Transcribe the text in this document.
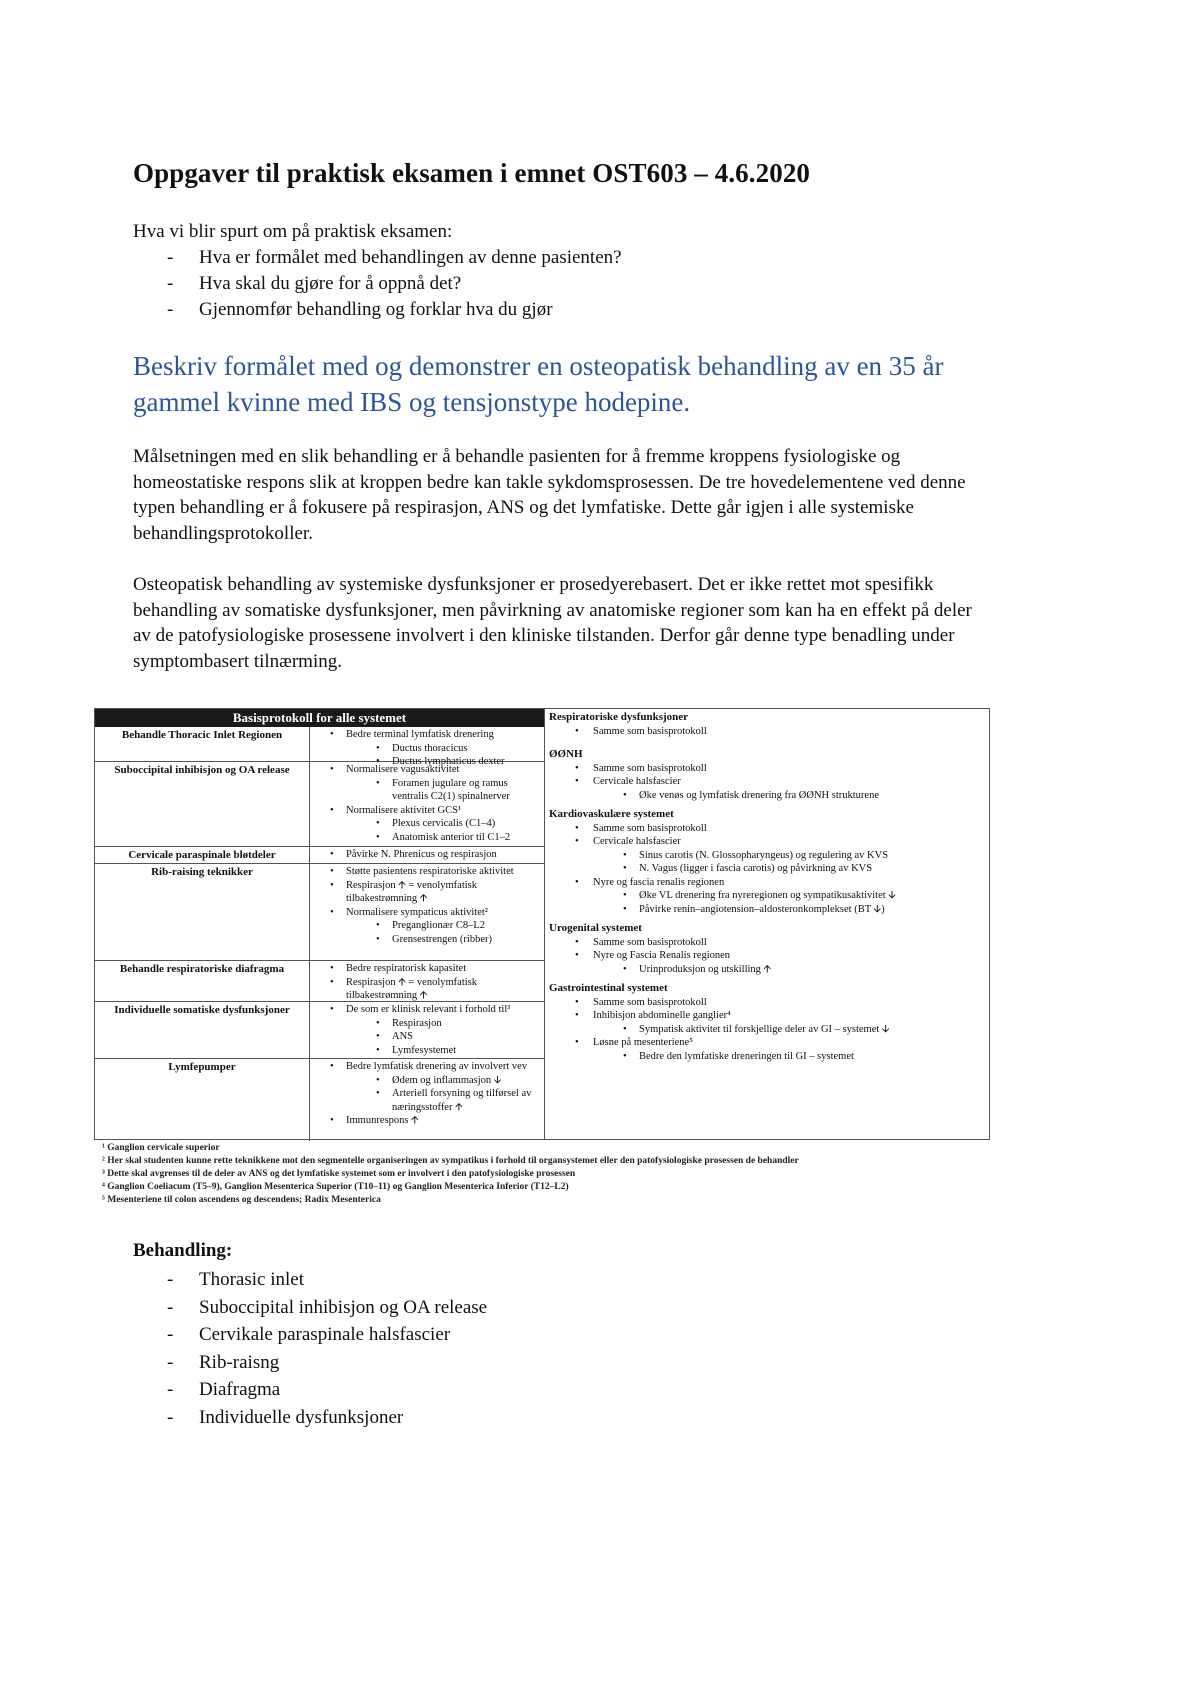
Oppgaver til praktisk eksamen i emnet OST603 – 4.6.2020
Hva vi blir spurt om på praktisk eksamen:
- Hva er formålet med behandlingen av denne pasienten?
- Hva skal du gjøre for å oppnå det?
- Gjennomfør behandling og forklar hva du gjør
Beskriv formålet med og demonstrer en osteopatisk behandling av en 35 år gammel kvinne med IBS og tensjonstype hodepine.
Målsetningen med en slik behandling er å behandle pasienten for å fremme kroppens fysiologiske og homeostatiske respons slik at kroppen bedre kan takle sykdomsprosessen. De tre hovedelementene ved denne typen behandling er å fokusere på respirasjon, ANS og det lymfatiske. Dette går igjen i alle systemiske behandlingsprotokoller.
Osteopatisk behandling av systemiske dysfunksjoner er prosedyerebasert. Det er ikke rettet mot spesifikk behandling av somatiske dysfunksjoner, men påvirkning av anatomiske regioner som kan ha en effekt på deler av de patofysiologiske prosessene involvert i den kliniske tilstanden. Derfor går denne type benadling under symptombasert tilnærming.
Basisprotokoll for alle systemet
Behandle Thoracic Inlet Regionen	• Bedre terminal lymfatisk drenering
• Ductus thoracicus
• Ductus lymphaticus dexter
Suboccipital inhibisjon og OA release	• Normalisere vagusaktivitet
• Foramen jugulare og ramus ventralis C2(1) spinalnerver
• Normalisere aktivitet GCS¹
• Plexus cervicalis (C1–4)
• Anatomisk anterior til C1–2
Cervicale paraspinale bløtdeler	• Påvirke N. Phrenicus og respirasjon
Rib-raising teknikker	• Støtte pasientens respiratoriske aktivitet
• Respirasjon 🡩 = venolymfatisk tilbakestrømning 🡩
• Normalisere sympaticus aktivitet²
• Preganglionær C8–L2
• Grensestrengen (ribber)
Behandle respiratoriske diafragma	• Bedre respiratorisk kapasitet
• Respirasjon 🡩 = venolymfatisk tilbakestrømning 🡩
Individuelle somatiske dysfunksjoner	• De som er klinisk relevant i forhold til³
• Respirasjon
• ANS
• Lymfesystemet
Lymfepumper	• Bedre lymfatisk drenering av involvert vev
• Ødem og inflammasjon 🡫
• Arteriell forsyning og tilførsel av næringsstoffer 🡩
• Immunrespons 🡩
Respiratoriske dysfunksjoner
• Samme som basisprotokoll
ØØNH
• Samme som basisprotokoll
• Cervicale halsfascier
• Øke venøs og lymfatisk drenering fra ØØNH strukturene
Kardiovaskulære systemet
• Samme som basisprotokoll
• Cervicale halsfascier
• Sinus carotis (N. Glossopharyngeus) og regulering av KVS
• N. Vagus (ligger i fascia carotis) og påvirkning av KVS
• Nyre og fascia renalis regionen
• Øke VL drenering fra nyreregionen og sympatikusaktivitet 🡫
• Påvirke renin–angiotension–aldosteronkomplekset (BT 🡫)
Urogenital systemet
• Samme som basisprotokoll
• Nyre og Fascia Renalis regionen
• Urinproduksjon og utskilling 🡩
Gastrointestinal systemet
• Samme som basisprotokoll
• Inhibisjon abdominelle ganglier⁴
• Sympatisk aktivitet til forskjellige deler av GI – systemet 🡫
• Løsne på mesenteriene⁵
• Bedre den lymfatiske dreneringen til GI – systemet
¹ Ganglion cervicale superior
² Her skal studenten kunne rette teknikkene mot den segmentelle organiseringen av sympatikus i forhold til organsystemet eller den patofysiologiske prosessen de behandler
³ Dette skal avgrenses til de deler av ANS og det lymfatiske systemet som er involvert i den patofysiologiske prosessen
⁴ Ganglion Coeliacum (T5–9), Ganglion Mesenterica Superior (T10–11) og Ganglion Mesenterica Inferior (T12–L2)
⁵ Mesenteriene til colon ascendens og descendens; Radix Mesenterica
Behandling:
- Thorasic inlet
- Suboccipital inhibisjon og OA release
- Cervikale paraspinale halsfascier
- Rib-raisng
- Diafragma
- Individuelle dysfunksjoner
